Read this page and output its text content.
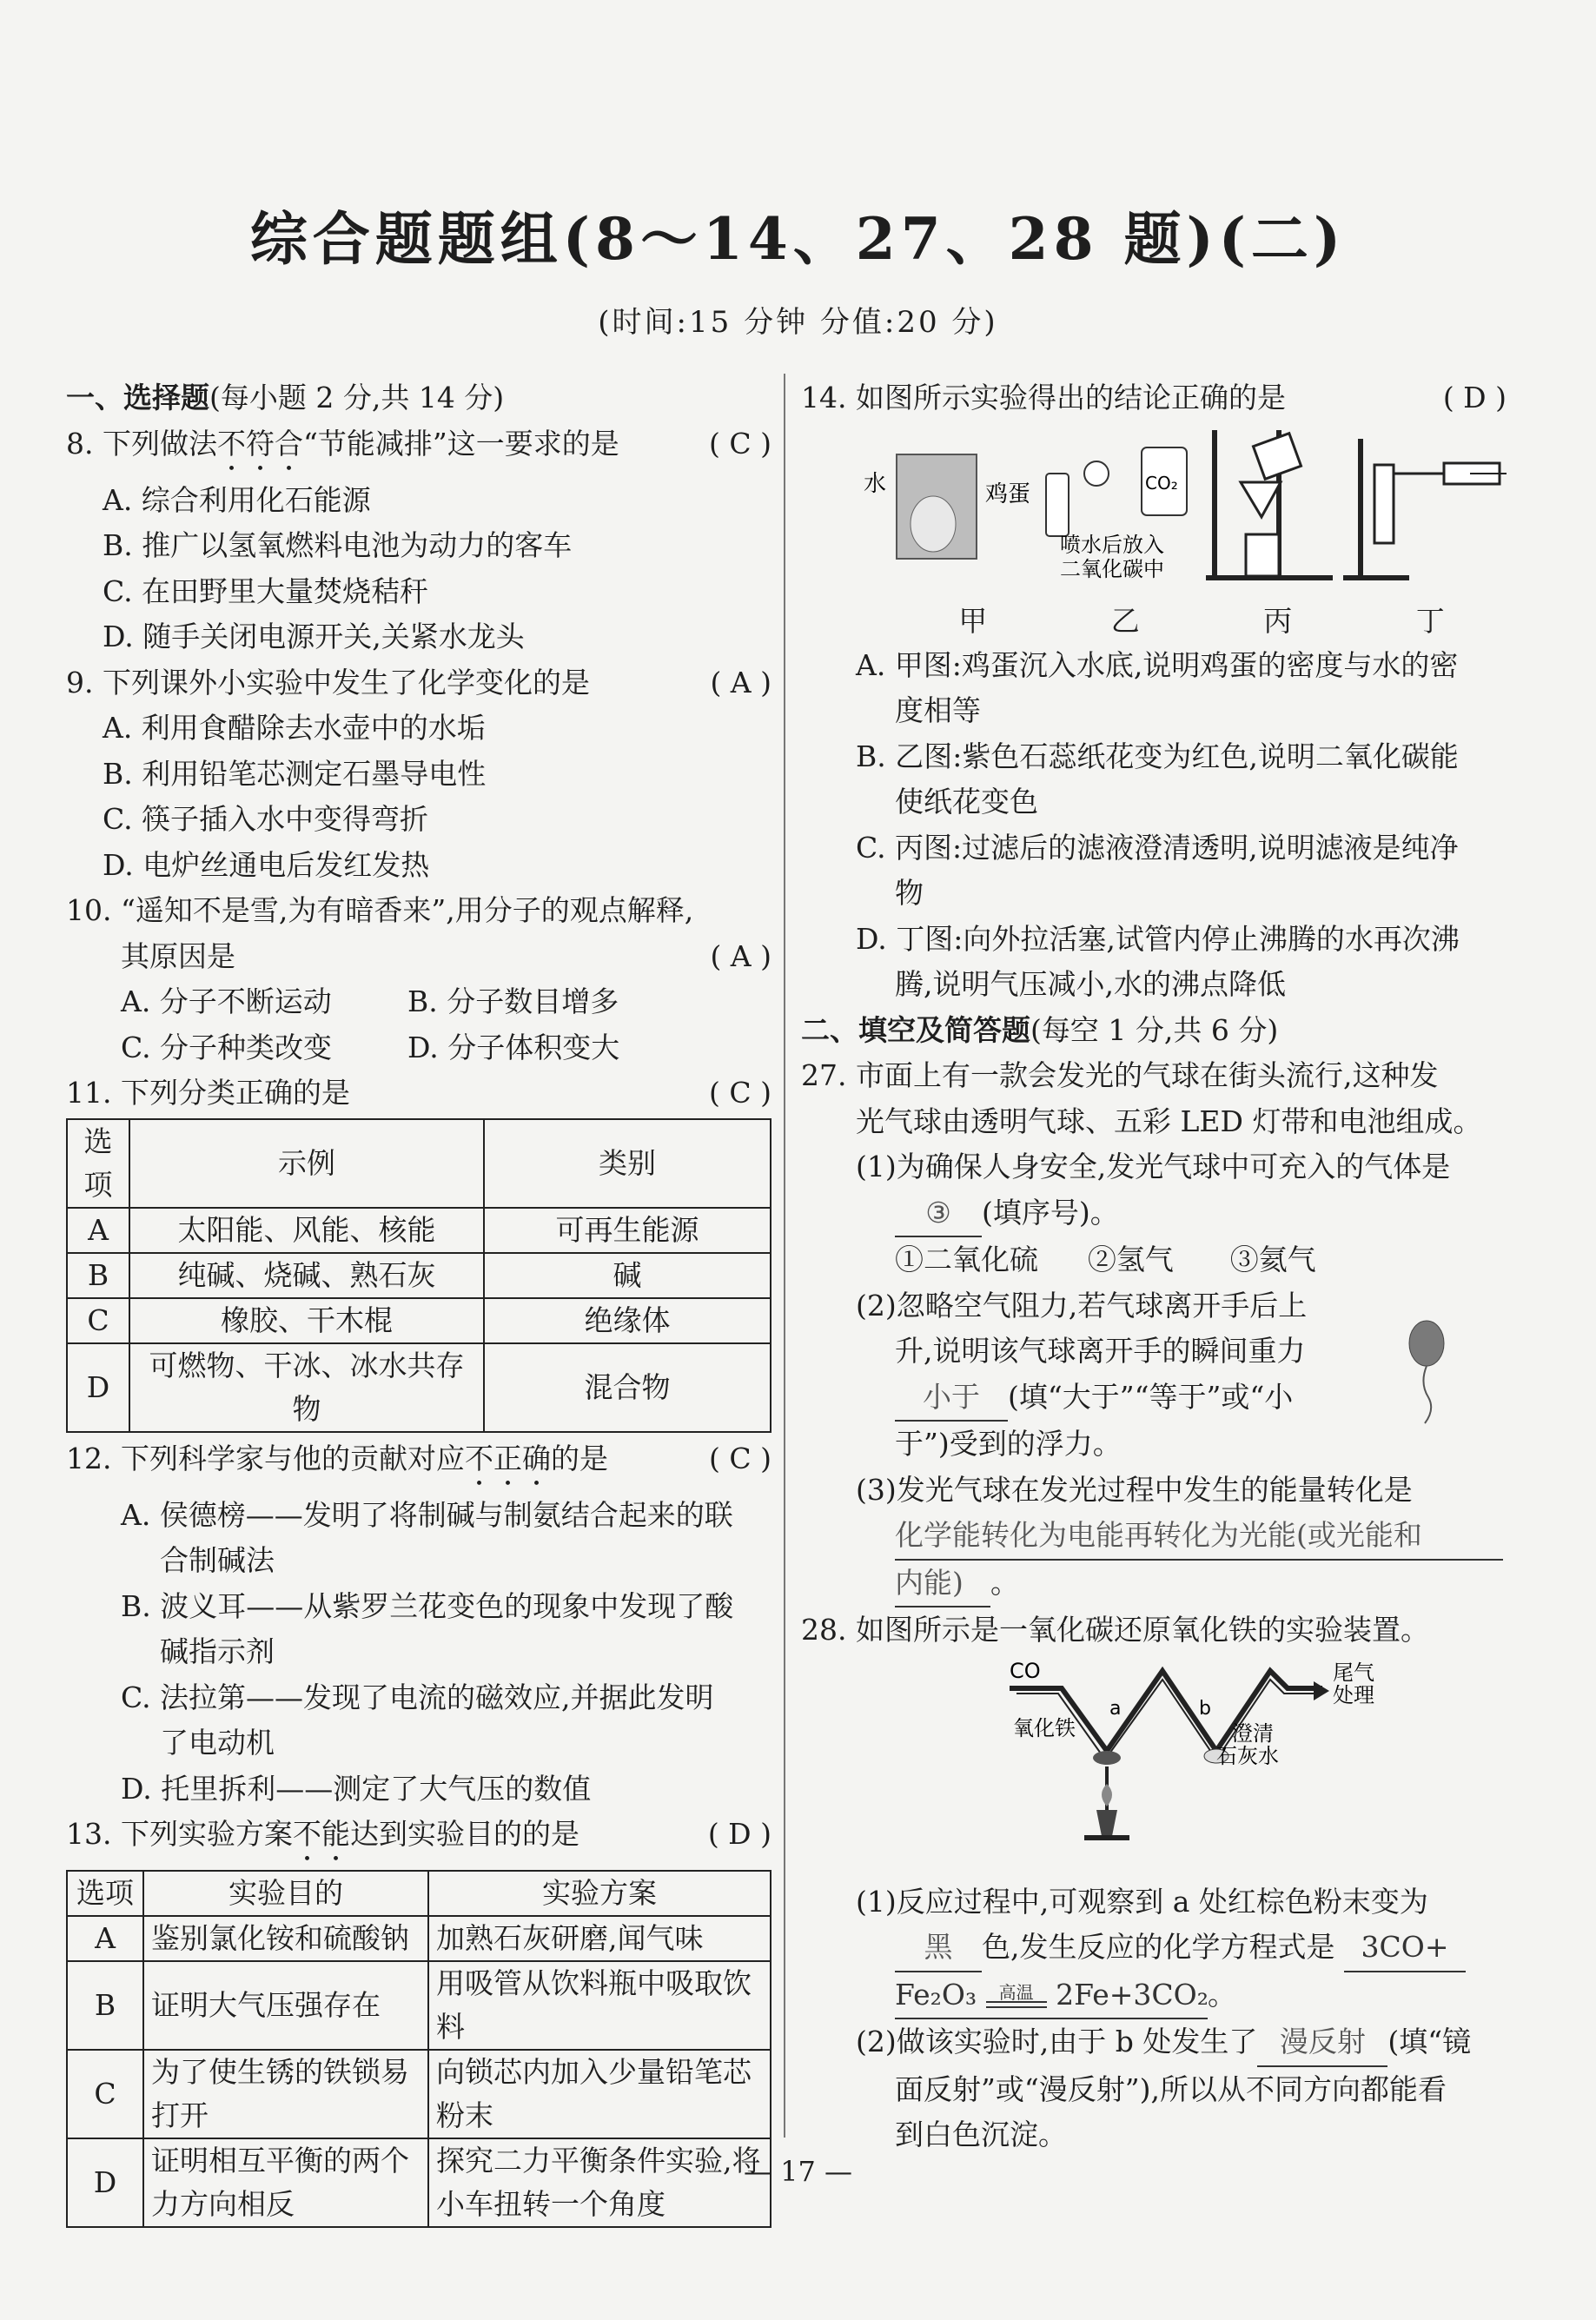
综合题题组(8～14、27、28 题)(二)
(时间:15 分钟 分值:20 分)
一、选择题(每小题 2 分,共 14 分)
8. 下列做法不符合“节能减排”这一要求的是	( C )
A. 综合利用化石能源
B. 推广以氢氧燃料电池为动力的客车
C. 在田野里大量焚烧秸秆
D. 随手关闭电源开关,关紧水龙头
9. 下列课外小实验中发生了化学变化的是	( A )
A. 利用食醋除去水壶中的水垢
B. 利用铅笔芯测定石墨导电性
C. 筷子插入水中变得弯折
D. 电炉丝通电后发红发热
10. “遥知不是雪,为有暗香来”,用分子的观点解释,
其原因是	( A )
A. 分子不断运动	B. 分子数目增多
C. 分子种类改变	D. 分子体积变大
11. 下列分类正确的是	( C )
选项	示例	类别
A	太阳能、风能、核能	可再生能源
B	纯碱、烧碱、熟石灰	碱
C	橡胶、干木棍	绝缘体
D	可燃物、干冰、冰水共存物	混合物
12. 下列科学家与他的贡献对应不正确的是	( C )
A. 侯德榜——发明了将制碱与制氨结合起来的联
合制碱法
B. 波义耳——从紫罗兰花变色的现象中发现了酸
碱指示剂
C. 法拉第——发现了电流的磁效应,并据此发明
了电动机
D. 托里拆利——测定了大气压的数值
13. 下列实验方案不能达到实验目的的是	( D )
选项	实验目的	实验方案
A	鉴别氯化铵和硫酸钠	加熟石灰研磨,闻气味
B	证明大气压强存在	用吸管从饮料瓶中吸取饮料
C	为了使生锈的铁锁易打开	向锁芯内加入少量铅笔芯粉末
D	证明相互平衡的两个力方向相反	探究二力平衡条件实验,将小车扭转一个角度
14. 如图所示实验得出的结论正确的是	( D )
水	鸡蛋	CO₂
喷水后放入
二氧化碳中
甲	乙	丙	丁
A. 甲图:鸡蛋沉入水底,说明鸡蛋的密度与水的密
度相等
B. 乙图:紫色石蕊纸花变为红色,说明二氧化碳能
使纸花变色
C. 丙图:过滤后的滤液澄清透明,说明滤液是纯净
物
D. 丁图:向外拉活塞,试管内停止沸腾的水再次沸
腾,说明气压减小,水的沸点降低
二、填空及简答题(每空 1 分,共 6 分)
27. 市面上有一款会发光的气球在街头流行,这种发
光气球由透明气球、五彩 LED 灯带和电池组成。
(1)为确保人身安全,发光气球中可充入的气体是
③ (填序号)。
①二氧化硫	②氢气	③氦气
(2)忽略空气阻力,若气球离开手后上
升,说明该气球离开手的瞬间重力
小于 (填“大于”“等于”或“小
于”)受到的浮力。
(3)发光气球在发光过程中发生的能量转化是
化学能转化为电能再转化为光能(或光能和
内能) 。
28. 如图所示是一氧化碳还原氧化铁的实验装置。
CO
a	b
氧化铁	澄清
石灰水
尾气
处理
(1)反应过程中,可观察到 a 处红棕色粉末变为
黑 色,发生反应的化学方程式是 3CO+
Fe₂O₃ 高温 2Fe+3CO₂。
(2)做该实验时,由于 b 处发生了 漫反射 (填“镜
面反射”或“漫反射”),所以从不同方向都能看
到白色沉淀。
— 17 —
